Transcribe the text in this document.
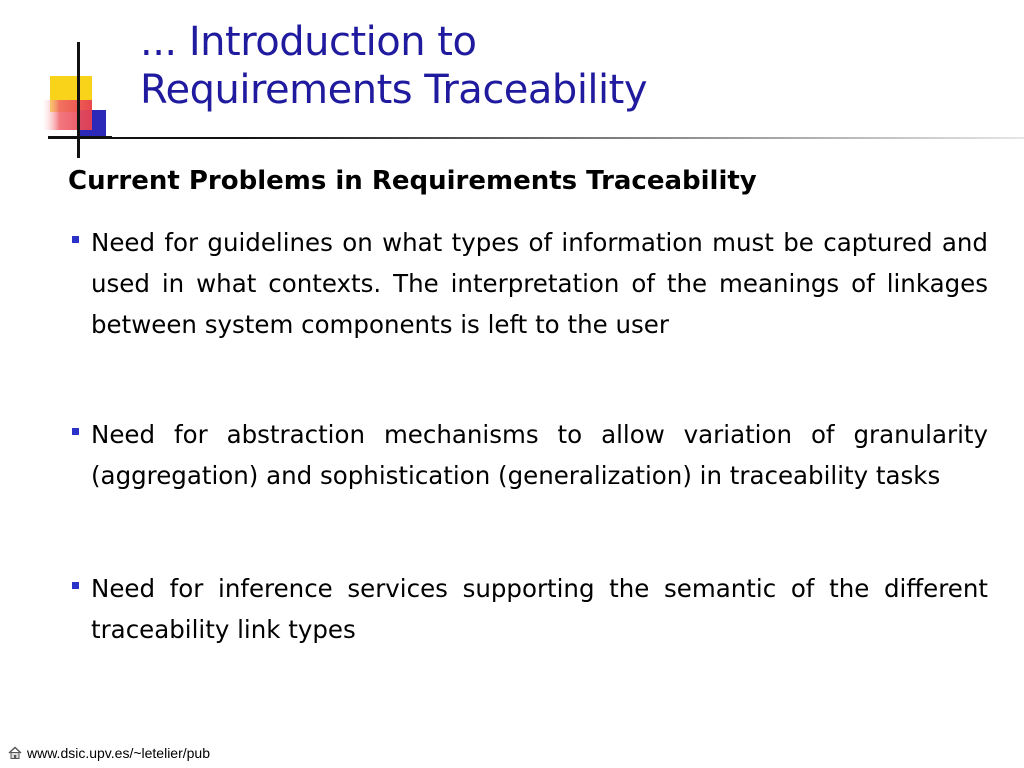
... Introduction to
Requirements Traceability
Current Problems in Requirements Traceability
Need for guidelines on what types of information must be captured and used in what contexts. The interpretation of the meanings of linkages between system components is left to the user
Need for abstraction mechanisms to allow variation of granularity (aggregation) and sophistication (generalization) in traceability tasks
Need for inference services supporting the semantic of the different traceability link types
www.dsic.upv.es/~letelier/pub
